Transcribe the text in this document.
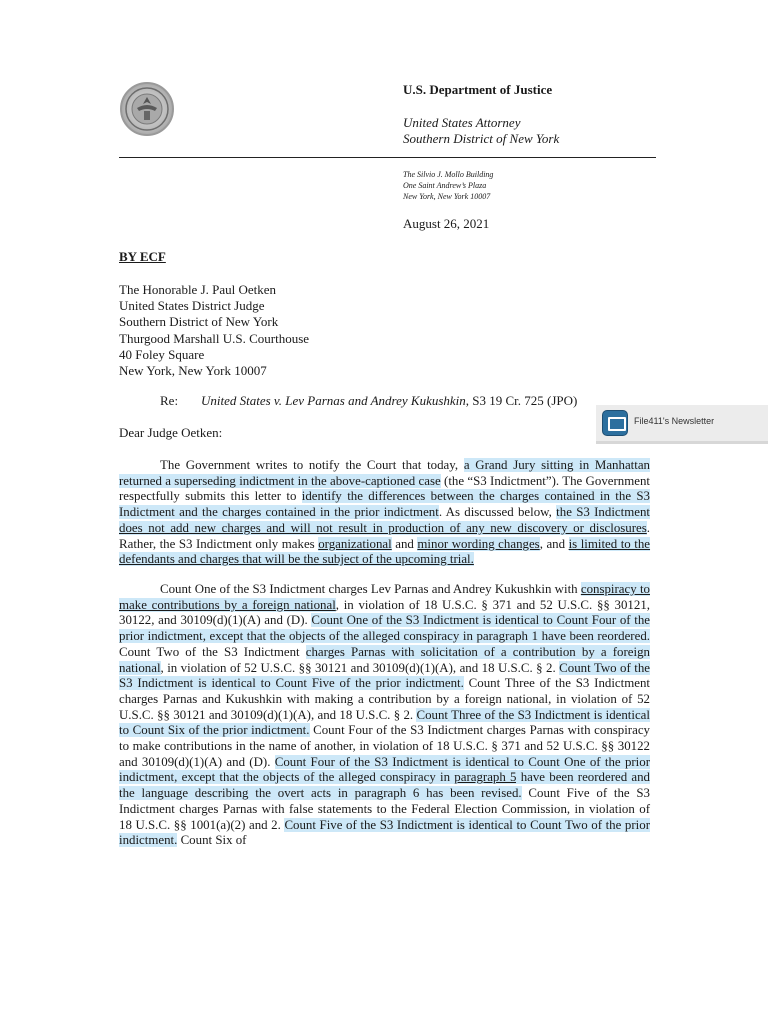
U.S. Department of Justice
United States Attorney
Southern District of New York
The Silvio J. Mollo Building
One Saint Andrew’s Plaza
New York, New York 10007
August 26, 2021
BY ECF
The Honorable J. Paul Oetken
United States District Judge
Southern District of New York
Thurgood Marshall U.S. Courthouse
40 Foley Square
New York, New York 10007
Re: United States v. Lev Parnas and Andrey Kukushkin, S3 19 Cr. 725 (JPO)
Dear Judge Oetken:
File411's Newsletter
The Government writes to notify the Court that today, a Grand Jury sitting in Manhattan returned a superseding indictment in the above-captioned case (the “S3 Indictment”). The Government respectfully submits this letter to identify the differences between the charges contained in the S3 Indictment and the charges contained in the prior indictment. As discussed below, the S3 Indictment does not add new charges and will not result in production of any new discovery or disclosures. Rather, the S3 Indictment only makes organizational and minor wording changes, and is limited to the defendants and charges that will be the subject of the upcoming trial.
Count One of the S3 Indictment charges Lev Parnas and Andrey Kukushkin with conspiracy to make contributions by a foreign national, in violation of 18 U.S.C. § 371 and 52 U.S.C. §§ 30121, 30122, and 30109(d)(1)(A) and (D). Count One of the S3 Indictment is identical to Count Four of the prior indictment, except that the objects of the alleged conspiracy in paragraph 1 have been reordered. Count Two of the S3 Indictment charges Parnas with solicitation of a contribution by a foreign national, in violation of 52 U.S.C. §§ 30121 and 30109(d)(1)(A), and 18 U.S.C. § 2. Count Two of the S3 Indictment is identical to Count Five of the prior indictment. Count Three of the S3 Indictment charges Parnas and Kukushkin with making a contribution by a foreign national, in violation of 52 U.S.C. §§ 30121 and 30109(d)(1)(A), and 18 U.S.C. § 2. Count Three of the S3 Indictment is identical to Count Six of the prior indictment. Count Four of the S3 Indictment charges Parnas with conspiracy to make contributions in the name of another, in violation of 18 U.S.C. § 371 and 52 U.S.C. §§ 30122 and 30109(d)(1)(A) and (D). Count Four of the S3 Indictment is identical to Count One of the prior indictment, except that the objects of the alleged conspiracy in paragraph 5 have been reordered and the language describing the overt acts in paragraph 6 has been revised. Count Five of the S3 Indictment charges Parnas with false statements to the Federal Election Commission, in violation of 18 U.S.C. §§ 1001(a)(2) and 2. Count Five of the S3 Indictment is identical to Count Two of the prior indictment. Count Six of
